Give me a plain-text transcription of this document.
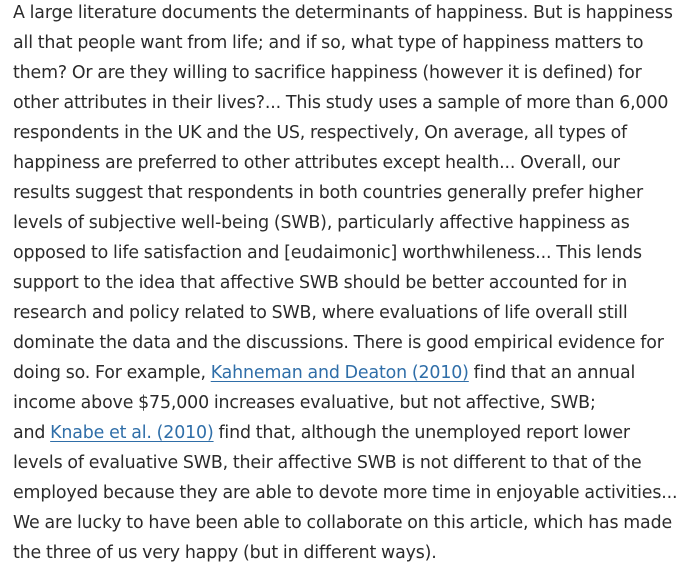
A large literature documents the determinants of happiness. But is happiness
all that people want from life; and if so, what type of happiness matters to
them? Or are they willing to sacrifice happiness (however it is defined) for
other attributes in their lives?... This study uses a sample of more than 6,000
respondents in the UK and the US, respectively, On average, all types of
happiness are preferred to other attributes except health... Overall, our
results suggest that respondents in both countries generally prefer higher
levels of subjective well-being (SWB), particularly affective happiness as
opposed to life satisfaction and [eudaimonic] worthwhileness... This lends
support to the idea that affective SWB should be better accounted for in
research and policy related to SWB, where evaluations of life overall still
dominate the data and the discussions. There is good empirical evidence for
doing so. For example, Kahneman and Deaton (2010) find that an annual
income above $75,000 increases evaluative, but not affective, SWB;
and Knabe et al. (2010) find that, although the unemployed report lower
levels of evaluative SWB, their affective SWB is not different to that of the
employed because they are able to devote more time in enjoyable activities...
We are lucky to have been able to collaborate on this article, which has made
the three of us very happy (but in different ways).
